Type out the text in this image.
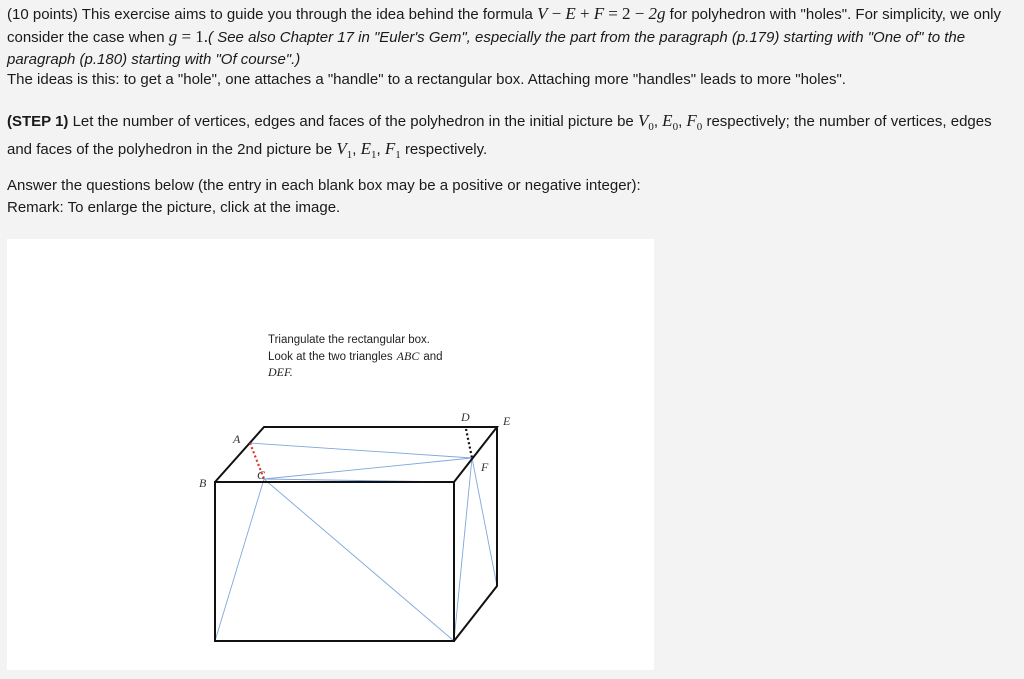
(10 points) This exercise aims to guide you through the idea behind the formula V − E + F = 2 − 2g for polyhedron with "holes". For simplicity, we only consider the case when g = 1.( See also Chapter 17 in "Euler's Gem", especially the part from the paragraph (p.179) starting with "One of" to the paragraph (p.180) starting with "Of course".)

The ideas is this: to get a "hole", one attaches a "handle" to a rectangular box. Attaching more "handles" leads to more "holes".

(STEP 1) Let the number of vertices, edges and faces of the polyhedron in the initial picture be $V_0$, $E_0$, $F_0$ respectively; the number of vertices, edges and faces of the polyhedron in the 2nd picture be $V_1$, $E_1$, $F_1$ respectively.

Answer the questions below (the entry in each blank box may be a positive or negative integer):

Remark: To enlarge the picture, click at the image.

Triangulate the rectangular box.
Look at the two triangles ABC and
DEF.
A
B
C
D	E
F
